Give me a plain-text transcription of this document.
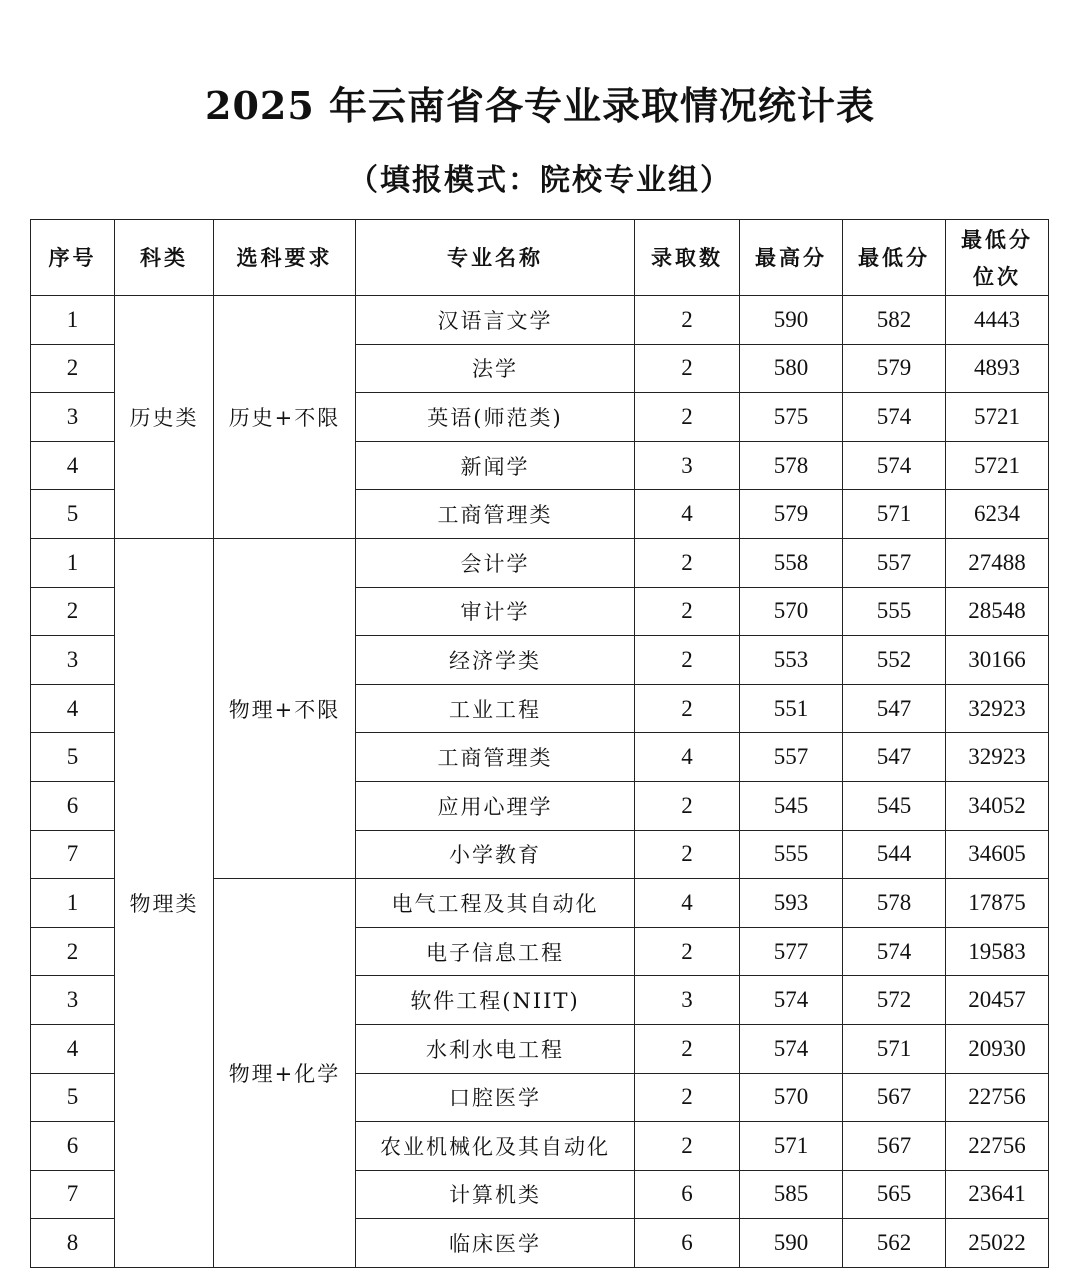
2025 年云南省各专业录取情况统计表
（填报模式：院校专业组）
序号	科类	选科要求	专业名称	录取数	最高分	最低分	最低分
位次
1	历史类	历史+不限	汉语言文学	2	590	582	4443
2			法学	2	580	579	4893
3			英语(师范类)	2	575	574	5721
4			新闻学	3	578	574	5721
5			工商管理类	4	579	571	6234
1	物理类	物理+不限	会计学	2	558	557	27488
2			审计学	2	570	555	28548
3			经济学类	2	553	552	30166
4			工业工程	2	551	547	32923
5			工商管理类	4	557	547	32923
6			应用心理学	2	545	545	34052
7			小学教育	2	555	544	34605
1		物理+化学	电气工程及其自动化	4	593	578	17875
2			电子信息工程	2	577	574	19583
3			软件工程(NIIT)	3	574	572	20457
4			水利水电工程	2	574	571	20930
5			口腔医学	2	570	567	22756
6			农业机械化及其自动化	2	571	567	22756
7			计算机类	6	585	565	23641
8			临床医学	6	590	562	25022
